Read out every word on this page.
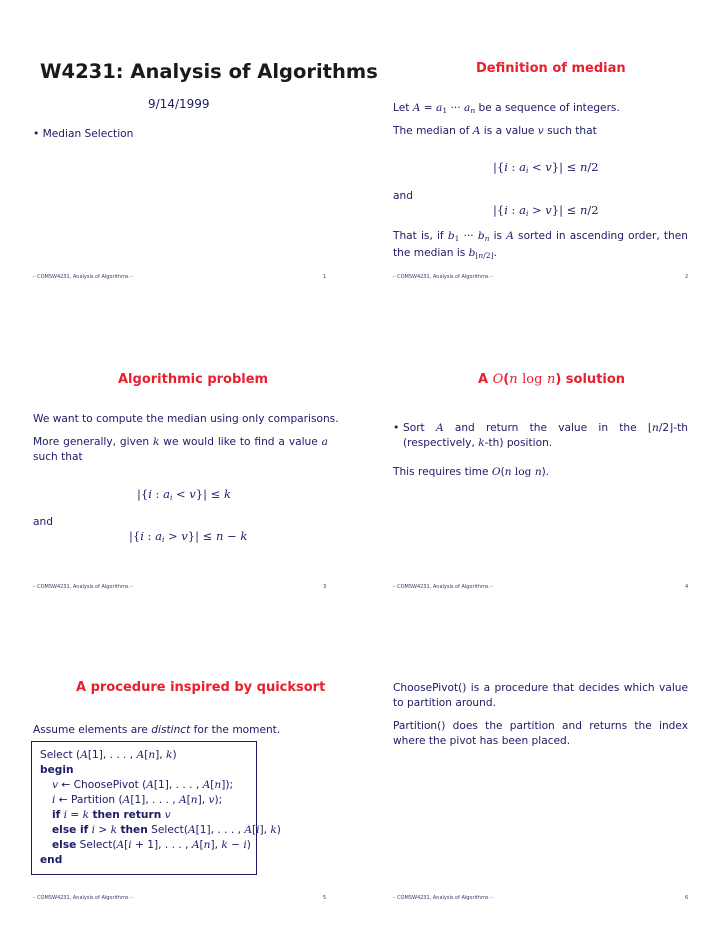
W4231: Analysis of Algorithms
9/14/1999
• Median Selection
– COMSW4231, Analysis of Algorithms –	1
Definition of median
Let $A = a_1$ ··· $a_n$ be a sequence of integers.
The median of A is a value v such that
|{i : $a_i < v\}| \le n/2$
and
|{i : $a_i > v\}| \le n/2$
That is, if $b_1$ ··· $b_n$ is A sorted in ascending order, then the median is $b_{⌊n/2⌋}$.
– COMSW4231, Analysis of Algorithms –	2
Algorithmic problem
We want to compute the median using only comparisons.
More generally, given k we would like to find a value a such that
|{i : $a_i < v\}| \le k$
and
|{i : $a_i > v\}| \le n - k$
– COMSW4231, Analysis of Algorithms –	3
A O(n log n) solution
• Sort A and return the value in the ⌊n/2⌋-th (respectively, k-th) position.
This requires time O(n log n).
– COMSW4231, Analysis of Algorithms –	4
A procedure inspired by quicksort
Assume elements are distinct for the moment.
Select (A[1], . . . , A[n], k)
begin
v ← ChoosePivot (A[1], . . . , A[n]);
i ← Partition (A[1], . . . , A[n], v);
if i = k then return v
else if i > k then Select(A[1], . . . , A[i], k)
else Select(A[i + 1], . . . , A[n], k − i)
end
– COMSW4231, Analysis of Algorithms –	5
ChoosePivot() is a procedure that decides which value to partition around.
Partition() does the partition and returns the index where the pivot has been placed.
– COMSW4231, Analysis of Algorithms –	6
